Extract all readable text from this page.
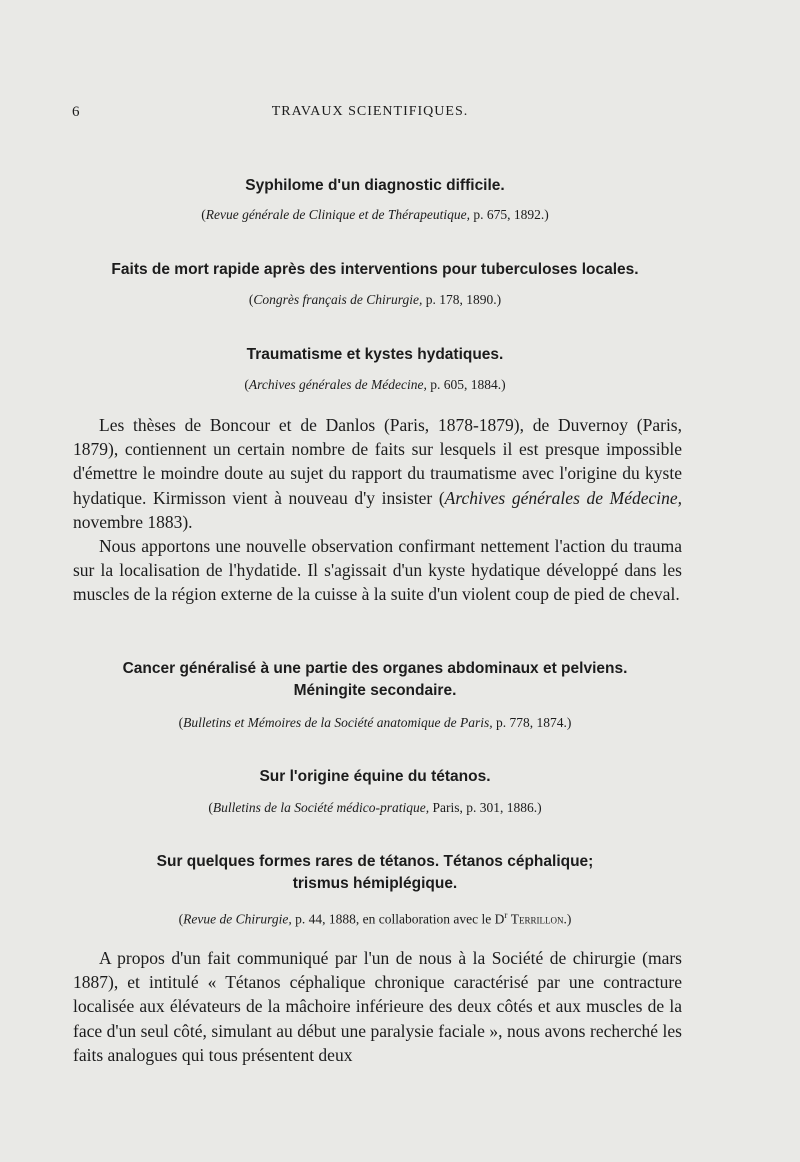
6	TRAVAUX SCIENTIFIQUES.
Syphilome d'un diagnostic difficile.
(Revue générale de Clinique et de Thérapeutique, p. 675, 1892.)
Faits de mort rapide après des interventions pour tuberculoses locales.
(Congrès français de Chirurgie, p. 178, 1890.)
Traumatisme et kystes hydatiques.
(Archives générales de Médecine, p. 605, 1884.)

Les thèses de Boncour et de Danlos (Paris, 1878-1879), de Duvernoy (Paris, 1879), contiennent un certain nombre de faits sur lesquels il est presque impossible d'émettre le moindre doute au sujet du rapport du traumatisme avec l'origine du kyste hydatique. Kirmisson vient à nouveau d'y insister (Archives générales de Médecine, novembre 1883).

Nous apportons une nouvelle observation confirmant nettement l'action du trauma sur la localisation de l'hydatide. Il s'agissait d'un kyste hydatique développé dans les muscles de la région externe de la cuisse à la suite d'un violent coup de pied de cheval.

Cancer généralisé à une partie des organes abdominaux et pelviens.
Méningite secondaire.
(Bulletins et Mémoires de la Société anatomique de Paris, p. 778, 1874.)
Sur l'origine équine du tétanos.
(Bulletins de la Société médico-pratique, Paris, p. 301, 1886.)
Sur quelques formes rares de tétanos. Tétanos céphalique;
trismus hémiplégique.
(Revue de Chirurgie, p. 44, 1888, en collaboration avec le $D^r$ Terrillon.)

A propos d'un fait communiqué par l'un de nous à la Société de chirurgie (mars 1887), et intitulé « Tétanos céphalique chronique caractérisé par une contracture localisée aux élévateurs de la mâchoire inférieure des deux côtés et aux muscles de la face d'un seul côté, simulant au début une paralysie faciale », nous avons recherché les faits analogues qui tous présentent deux
